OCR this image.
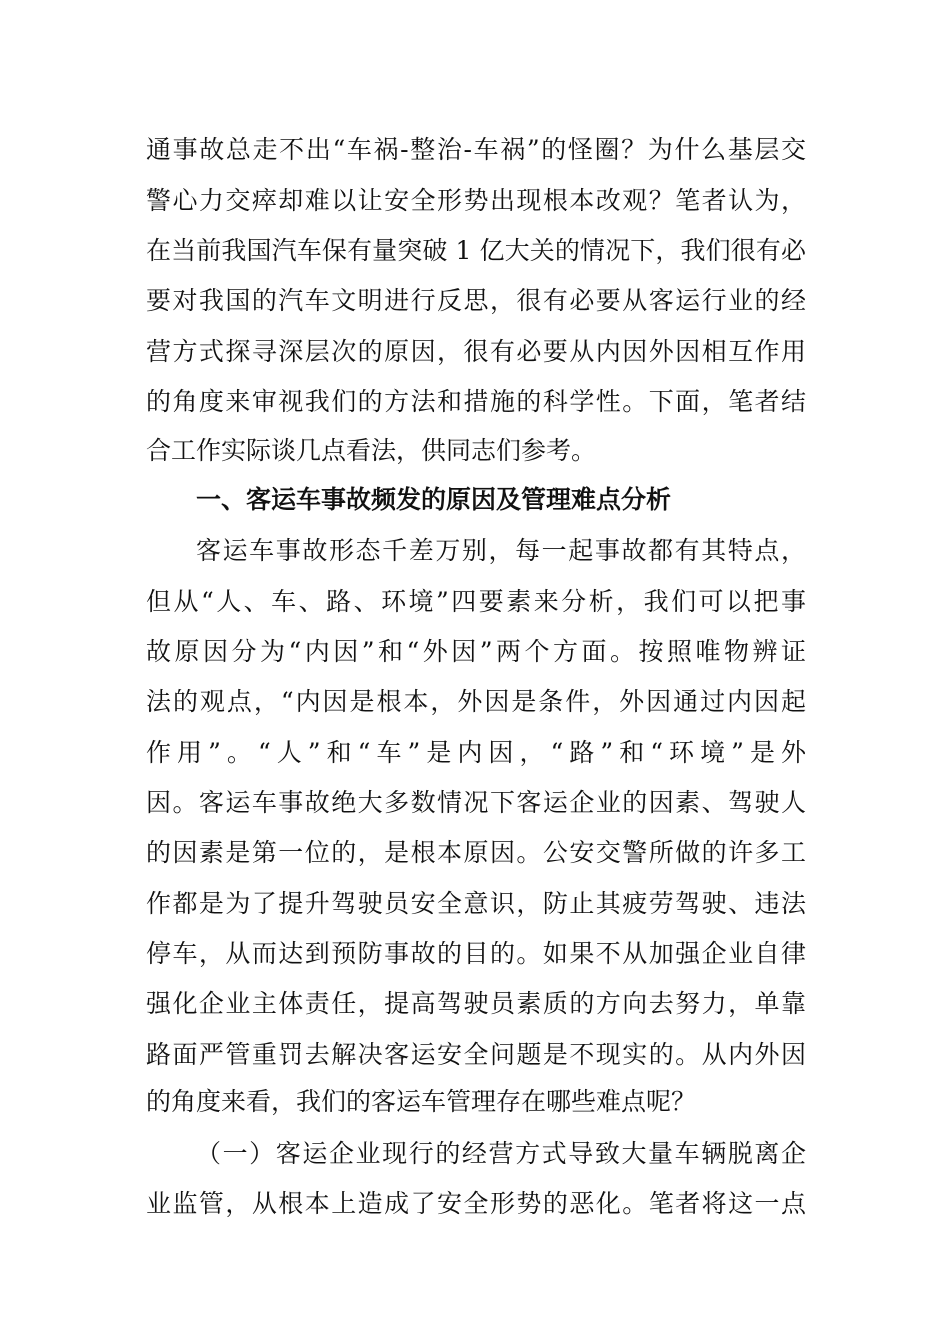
通事故总走不出“车祸-整治-车祸”的怪圈？为什么基层交
警心力交瘁却难以让安全形势出现根本改观？笔者认为，
在当前我国汽车保有量突破 1 亿大关的情况下，我们很有必
要对我国的汽车文明进行反思，很有必要从客运行业的经
营方式探寻深层次的原因，很有必要从内因外因相互作用
的角度来审视我们的方法和措施的科学性。下面，笔者结
合工作实际谈几点看法，供同志们参考。
一、客运车事故频发的原因及管理难点分析
客运车事故形态千差万别，每一起事故都有其特点，
但从“人、车、路、环境”四要素来分析，我们可以把事
故原因分为“内因”和“外因”两个方面。按照唯物辨证
法的观点，“内因是根本，外因是条件，外因通过内因起
作用”。“人”和“车”是内因，“路”和“环境”是外
因。客运车事故绝大多数情况下客运企业的因素、驾驶人
的因素是第一位的，是根本原因。公安交警所做的许多工
作都是为了提升驾驶员安全意识，防止其疲劳驾驶、违法
停车，从而达到预防事故的目的。如果不从加强企业自律
强化企业主体责任，提高驾驶员素质的方向去努力，单靠
路面严管重罚去解决客运安全问题是不现实的。从内外因
的角度来看，我们的客运车管理存在哪些难点呢？
（一）客运企业现行的经营方式导致大量车辆脱离企
业监管，从根本上造成了安全形势的恶化。笔者将这一点
